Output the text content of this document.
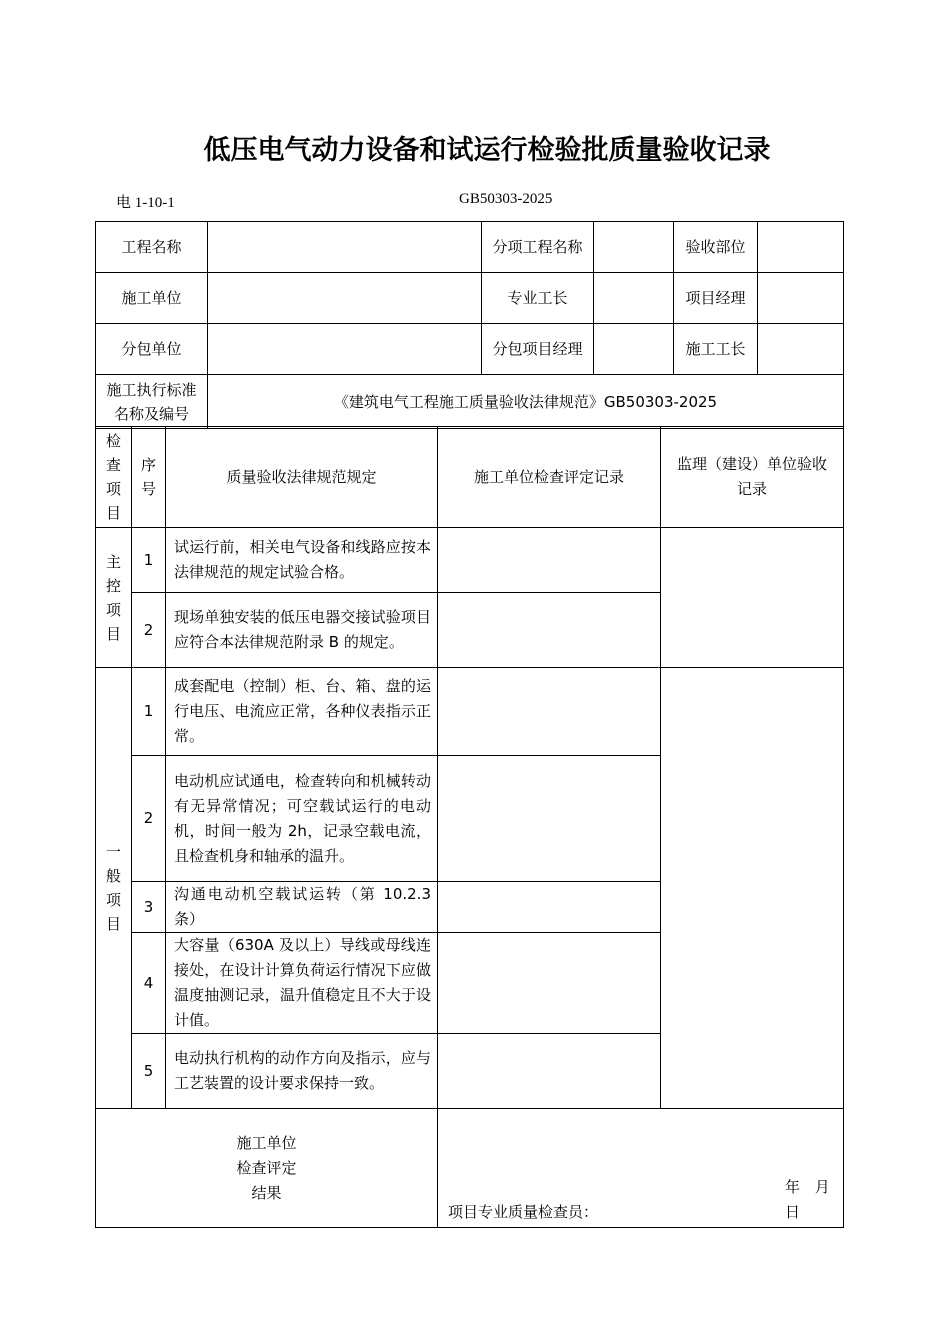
低压电气动力设备和试运行检验批质量验收记录
电 1-10-1	GB50303-2025
工程名称		分项工程名称		验收部位	
施工单位		专业工长		项目经理	
分包单位		分包项目经理		施工工长	
施工执行标准名称及编号	《建筑电气工程施工质量验收法律规范》GB50303-2025				
检查项目	序号	质量验收法律规范规定	施工单位检查评定记录	监理（建设）单位验收记录
主控项目	1	试运行前，相关电气设备和线路应按本法律规范的规定试验合格。		
	2	现场单独安装的低压电器交接试验项目应符合本法律规范附录 B 的规定。		
一般项目	1	成套配电（控制）柜、台、箱、盘的运行电压、电流应正常，各种仪表指示正常。		
	2	电动机应试通电，检查转向和机械转动有无异常情况；可空载试运行的电动机，时间一般为 2h，记录空载电流，且检查机身和轴承的温升。		
	3	沟通电动机空载试运转（第 10.2.3 条）		
	4	大容量（630A 及以上）导线或母线连接处，在设计计算负荷运行情况下应做温度抽测记录，温升值稳定且不大于设计值。		
	5	电动执行机构的动作方向及指示，应与工艺装置的设计要求保持一致。		

施工单位检查评定结果			项目专业质量检查员：
年 月 日	
